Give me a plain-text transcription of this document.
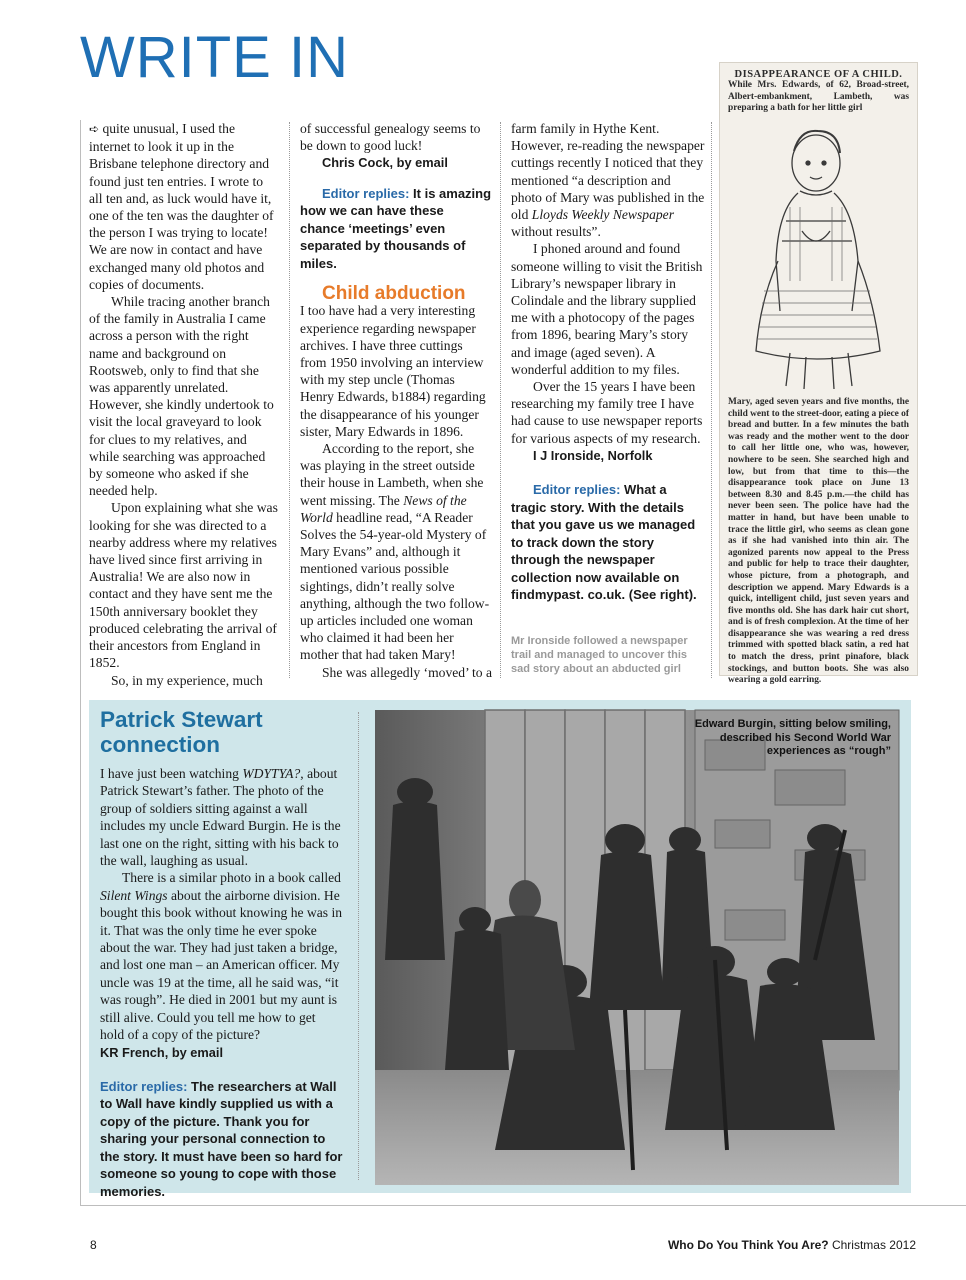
WRITE IN

➪ quite unusual, I used the internet to look it up in the Brisbane telephone directory and found just ten entries. I wrote to all ten and, as luck would have it, one of the ten was the daughter of the person I was trying to locate! We are now in contact and have exchanged many old photos and copies of documents.

While tracing another branch of the family in Australia I came across a person with the right name and background on Rootsweb, only to find that she was apparently unrelated. However, she kindly undertook to visit the local graveyard to look for clues to my relatives, and while searching was approached by someone who asked if she needed help.

Upon explaining what she was looking for she was directed to a nearby address where my relatives have lived since first arriving in Australia! We are also now in contact and they have sent me the 150th anniversary booklet they produced celebrating the arrival of their ancestors from England in 1852.

So, in my experience, much

of successful genealogy seems to be down to good luck!

Chris Cock, by email

Editor replies: It is amazing how we can have these chance ‘meetings’ even separated by thousands of miles.

Child abduction

I too have had a very interesting experience regarding newspaper archives. I have three cuttings from 1950 involving an interview with my step uncle (Thomas Henry Edwards, b1884) regarding the disappearance of his younger sister, Mary Edwards in 1896.

According to the report, she was playing in the street outside their house in Lambeth, when she went missing. The News of the World headline read, “A Reader Solves the 54-year-old Mystery of Mary Evans” and, although it mentioned various possible sightings, didn’t really solve anything, although the two follow-up articles included one woman who claimed it had been her mother that had taken Mary!

She was allegedly ‘moved’ to a

farm family in Hythe Kent. However, re-reading the newspaper cuttings recently I noticed that they mentioned “a description and photo of Mary was published in the old Lloyds Weekly Newspaper without results”.

I phoned around and found someone willing to visit the British Library’s newspaper library in Colindale and the library supplied me with a photocopy of the pages from 1896, bearing Mary’s story and image (aged seven). A wonderful addition to my files.

Over the 15 years I have been researching my family tree I have had cause to use newspaper reports for various aspects of my research.

I J Ironside, Norfolk

Editor replies: What a tragic story. With the details that you gave us we managed to track down the story through the newspaper collection now available on findmypast. co.uk. (See right).

Mr Ironside followed a newspaper trail and managed to uncover this sad story about an abducted girl
DISAPPEARANCE OF A CHILD.
While Mrs. Edwards, of 62, Broad-street, Albert-embankment, Lambeth, was preparing a bath for her little girl
Mary, aged seven years and five months, the child went to the street-door, eating a piece of bread and butter. In a few minutes the bath was ready and the mother went to the door to call her little one, who was, however, nowhere to be seen. She searched high and low, but from that time to this—the disappearance took place on June 13 between 8.30 and 8.45 p.m.—the child has never been seen. The police have had the matter in hand, but have been unable to trace the little girl, who seems as clean gone as if she had vanished into thin air. The agonized parents now appeal to the Press and public for help to trace their daughter, whose picture, from a photograph, and description we append. Mary Edwards is a quick, intelligent child, just seven years and five months old. She has dark hair cut short, and is of fresh complexion. At the time of her disappearance she was wearing a red dress trimmed with spotted black satin, a red hat to match the dress, print pinafore, black stockings, and button boots. She was also wearing a gold earring.
Patrick Stewart
connection

I have just been watching WDYTYA?, about Patrick Stewart’s father. The photo of the group of soldiers sitting against a wall includes my uncle Edward Burgin. He is the last one on the right, sitting with his back to the wall, laughing as usual.

There is a similar photo in a book called Silent Wings about the airborne division. He bought this book without knowing he was in it. That was the only time he ever spoke about the war. They had just taken a bridge, and lost one man – an American officer. My uncle was 19 at the time, all he said was, “it was rough”. He died in 2001 but my aunt is still alive. Could you tell me how to get hold of a copy of the picture?

KR French, by email

Editor replies: The researchers at Wall to Wall have kindly supplied us with a copy of the picture. Thank you for sharing your personal connection to the story. It must have been so hard for someone so young to cope with those memories.

Edward Burgin, sitting below smiling, described his Second World War experiences as “rough”
8	Who Do You Think You Are? Christmas 2012
